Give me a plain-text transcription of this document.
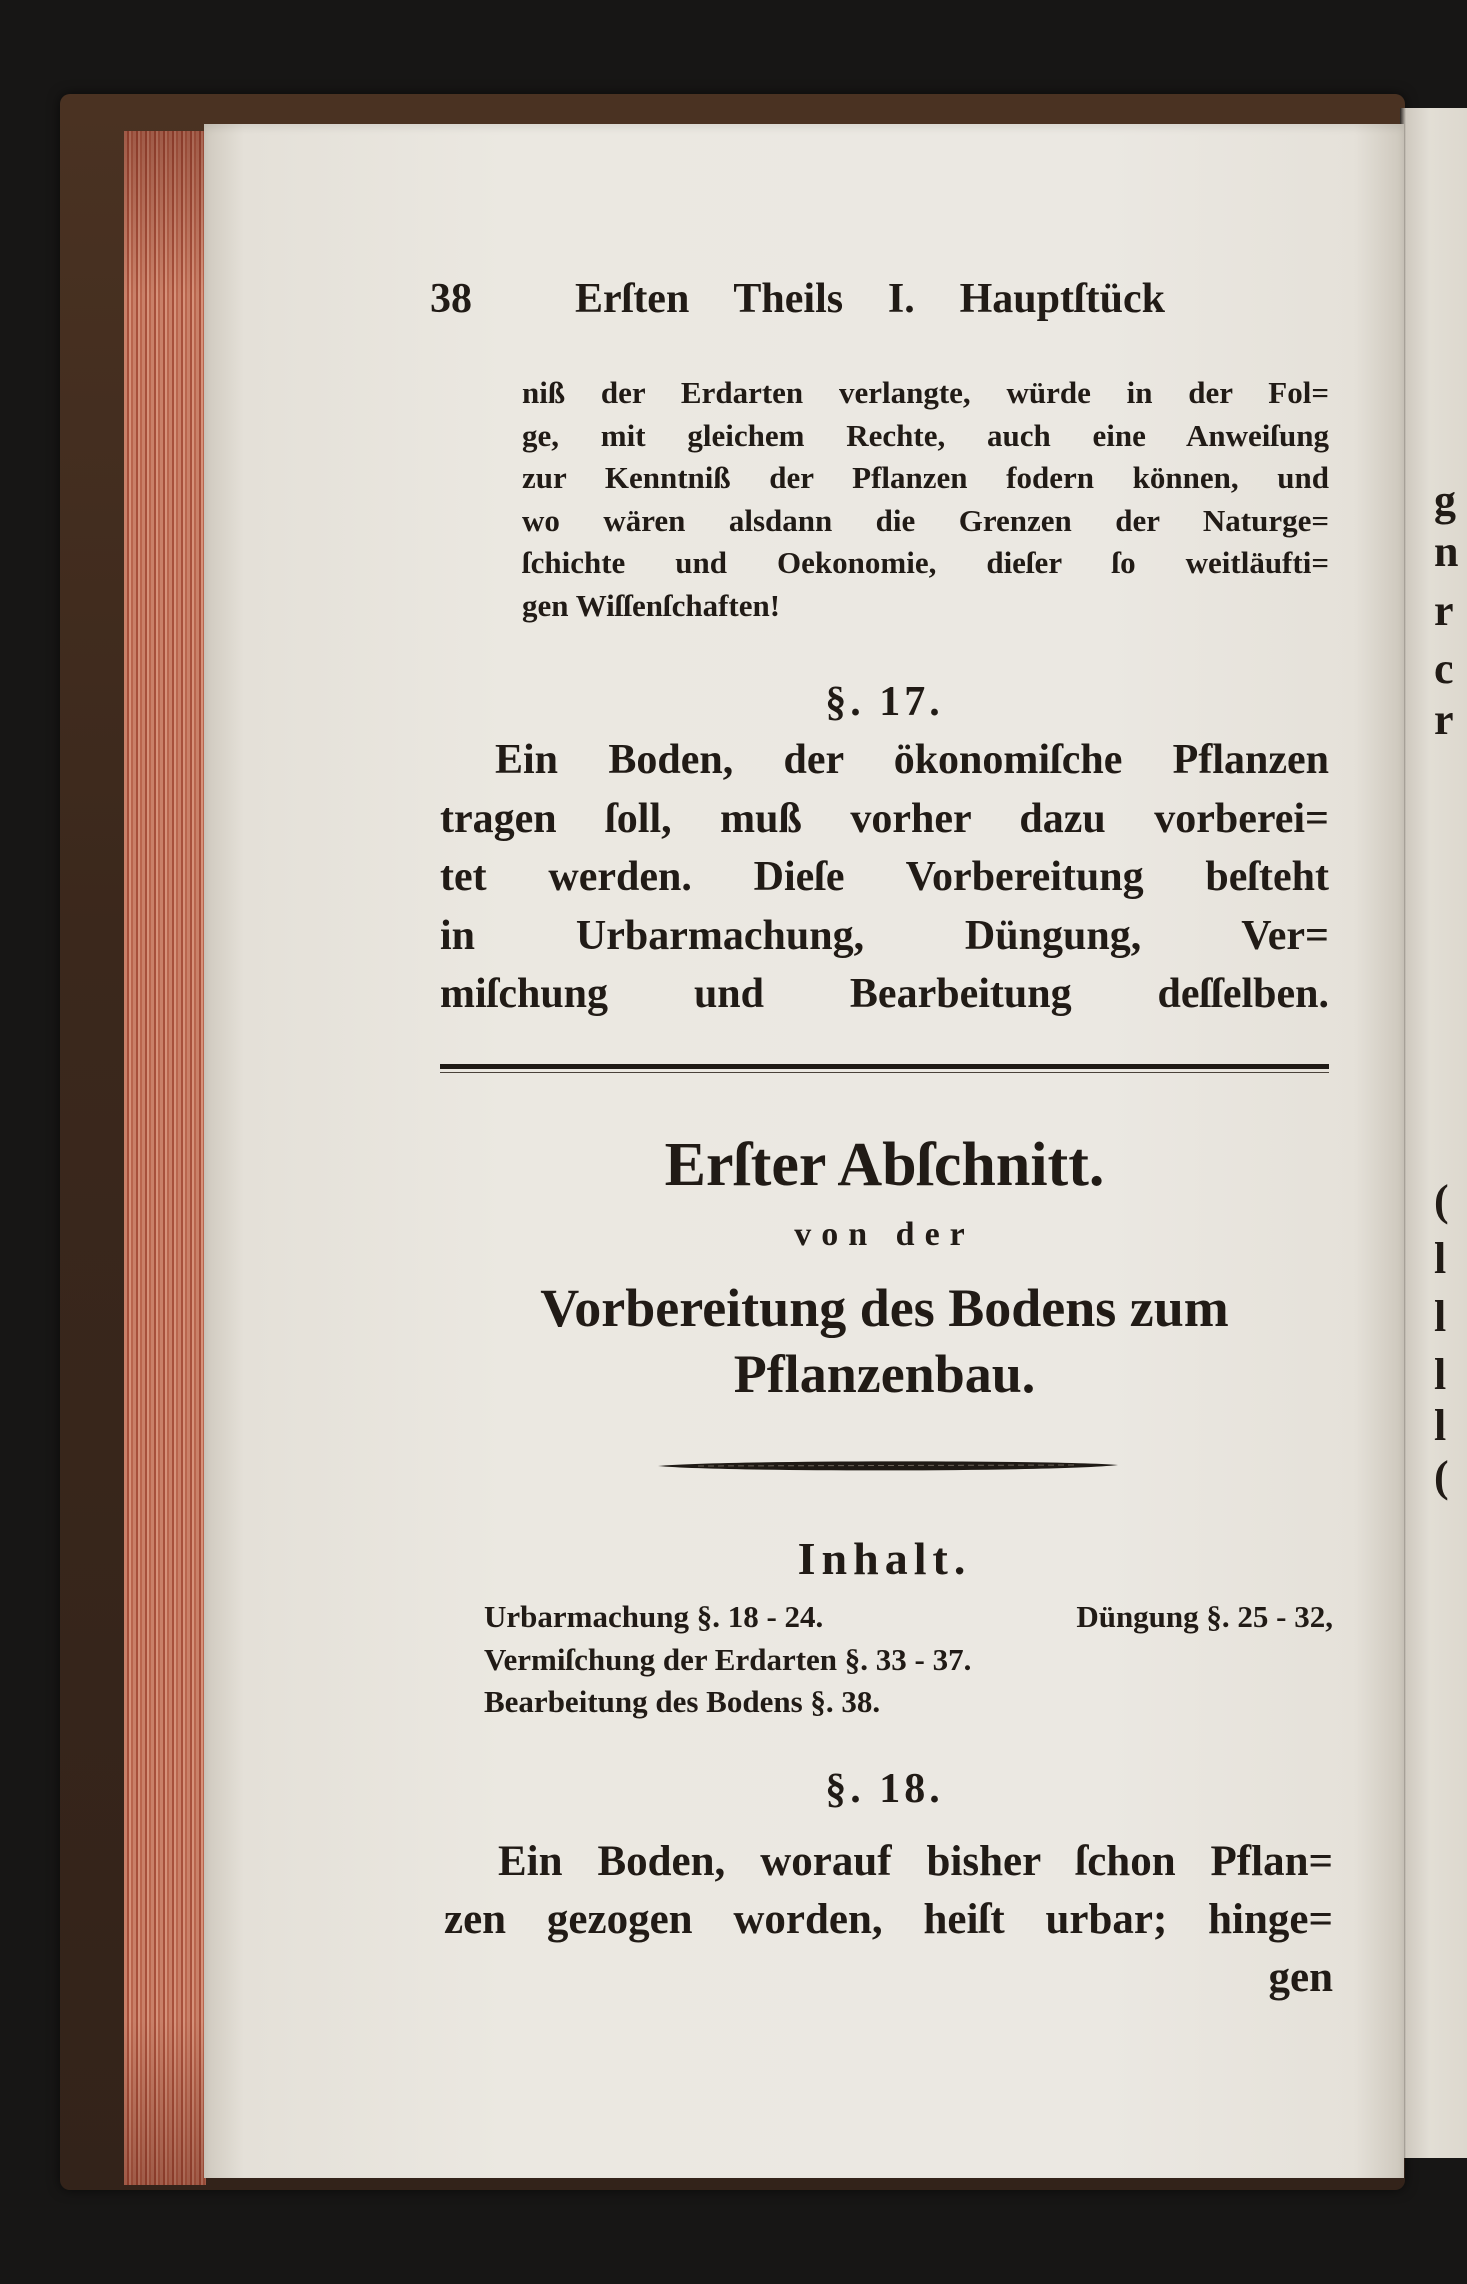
g
n
r
c
r
(
l
l
l
l
(
38 Erſten Theils I. Hauptſtück
niß der Erdarten verlangte, würde in der Fol=
ge, mit gleichem Rechte, auch eine Anweiſung
zur Kenntniß der Pflanzen fodern können, und
wo wären alsdann die Grenzen der Naturge=
ſchichte und Oekonomie, dieſer ſo weitläufti=
gen Wiſſenſchaften!
§. 17.
Ein Boden, der ökonomiſche Pflanzen
tragen ſoll, muß vorher dazu vorberei=
tet werden. Dieſe Vorbereitung beſteht
in Urbarmachung, Düngung, Ver=
miſchung und Bearbeitung deſſelben.
Erſter Abſchnitt.
von der
Vorbereitung des Bodens zum
Pflanzenbau.
Inhalt.
Urbarmachung §. 18 - 24.	Düngung §. 25 - 32,
Vermiſchung der Erdarten §. 33 - 37.
Bearbeitung des Bodens §. 38.
§. 18.
Ein Boden, worauf bisher ſchon Pflan=
zen gezogen worden, heiſt urbar; hinge=
gen
